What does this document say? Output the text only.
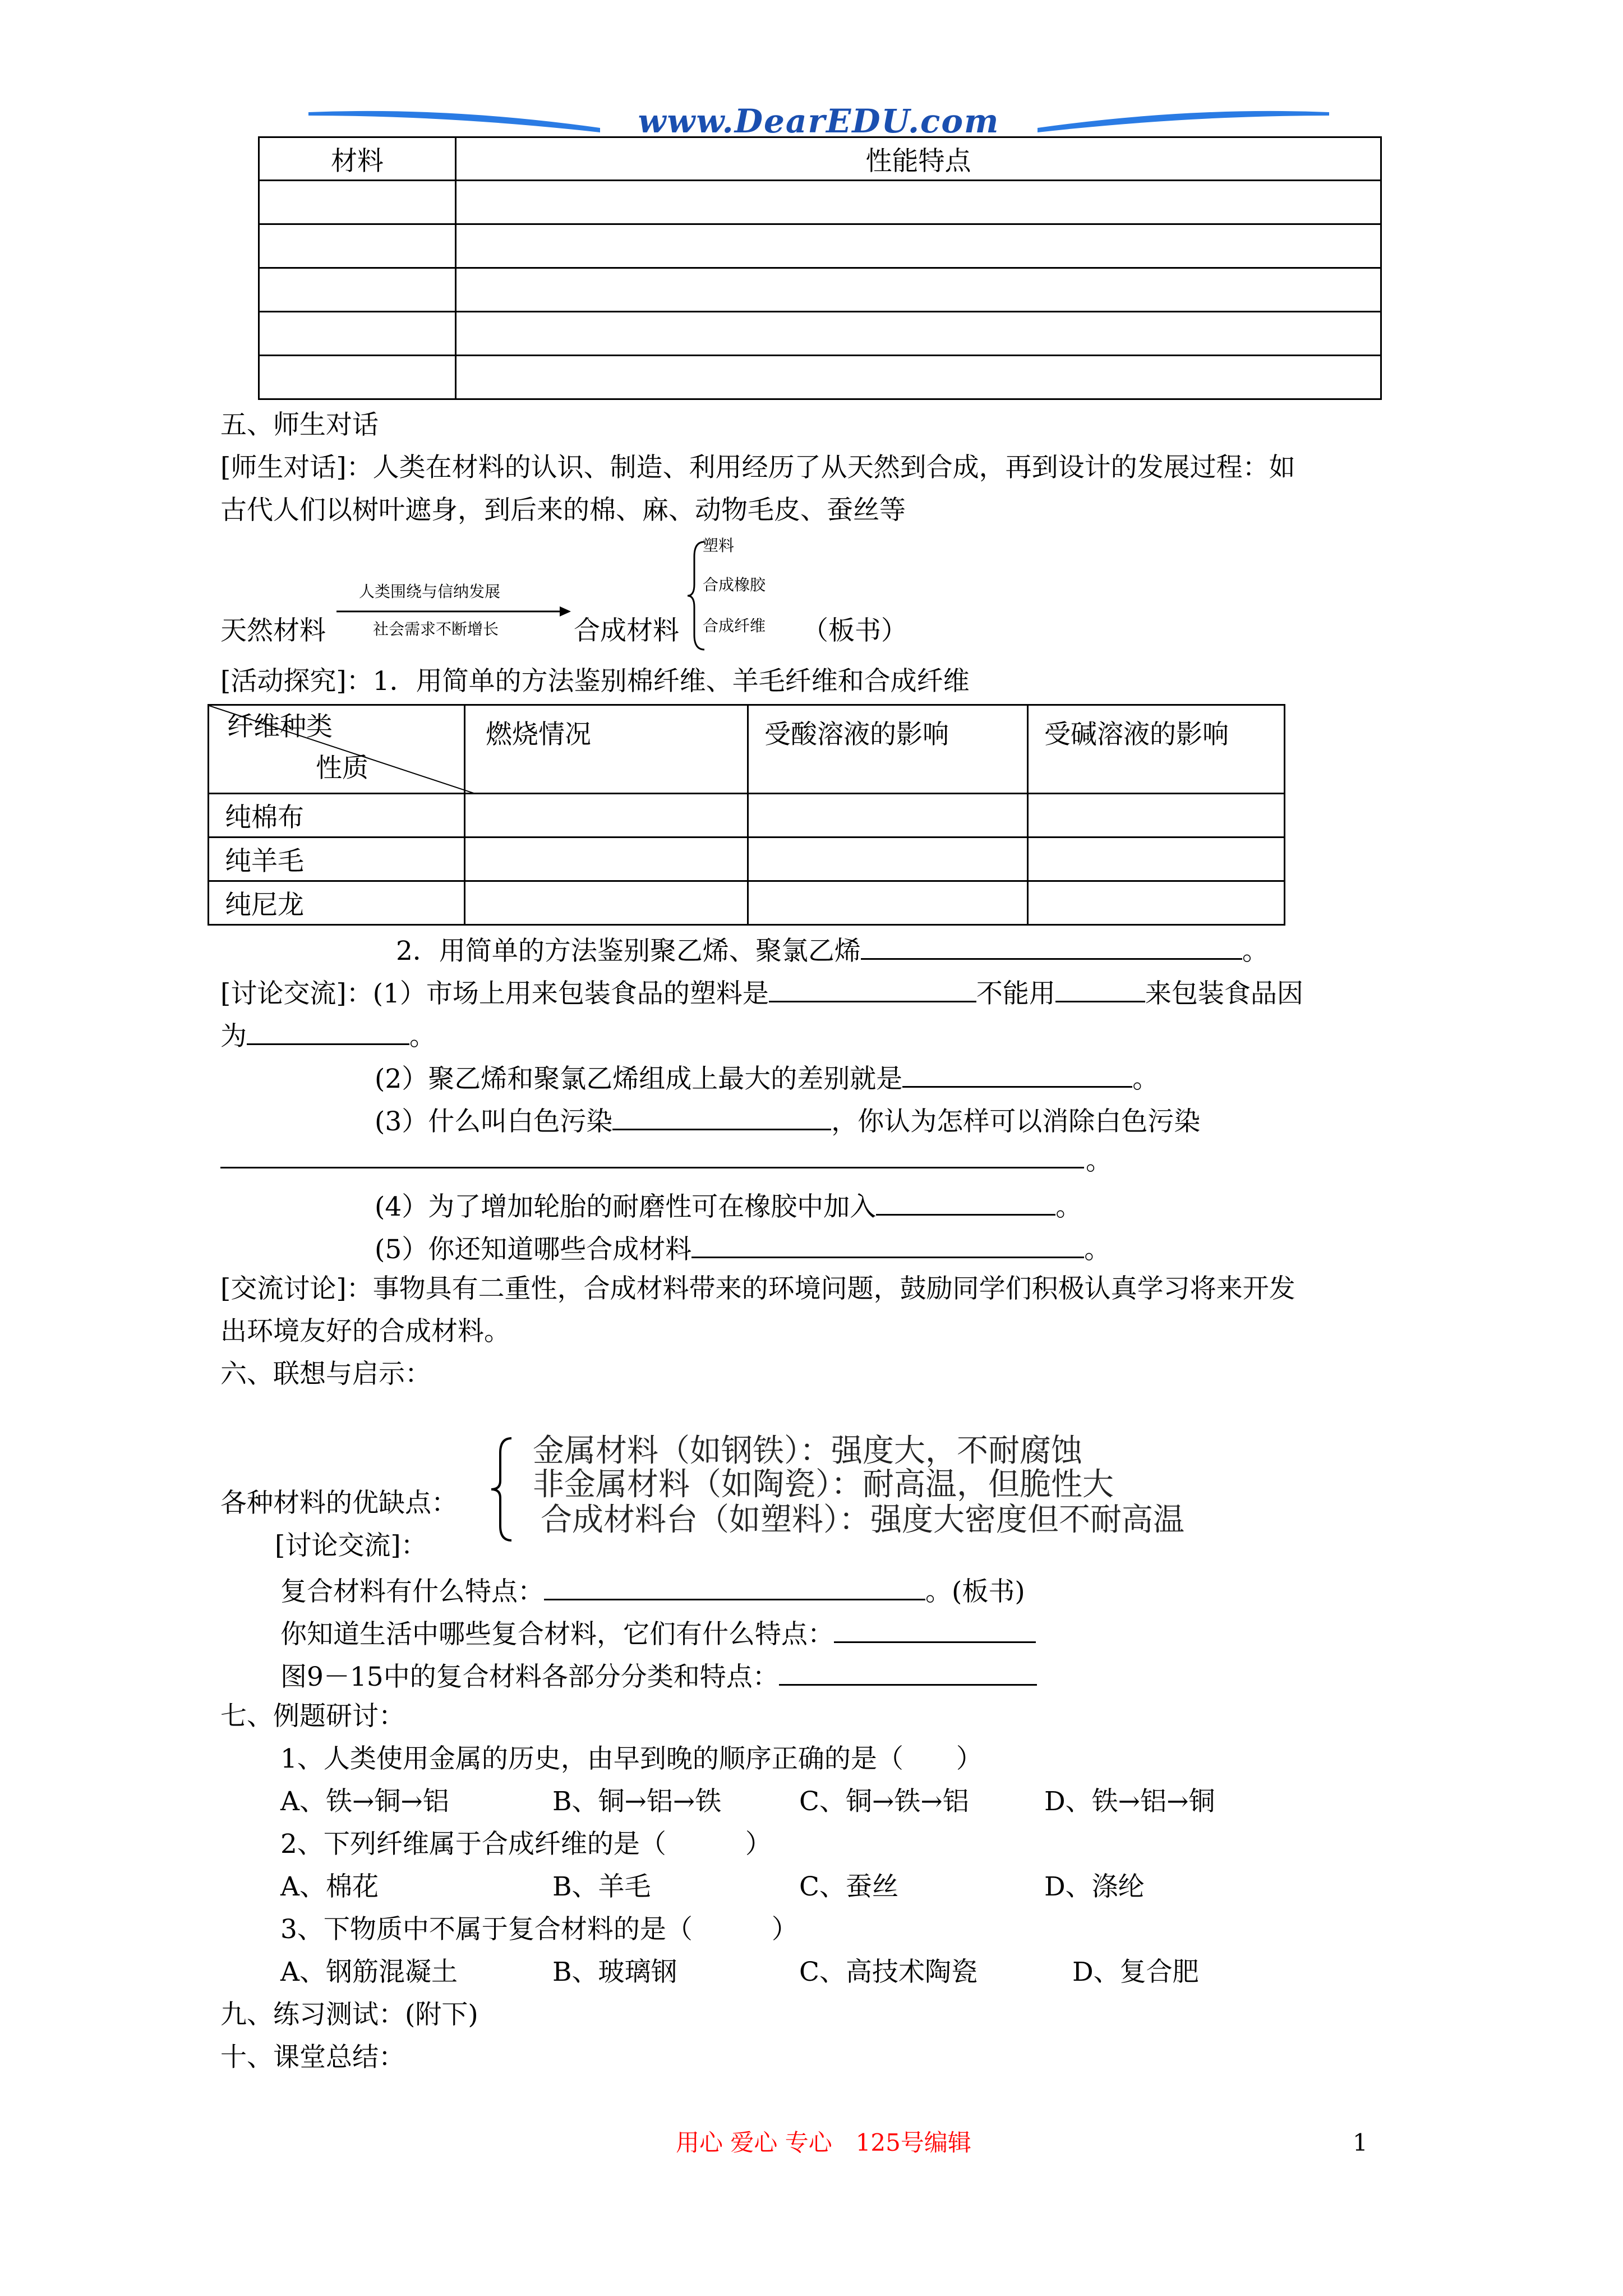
www.DearEDU.com
材料	性能特点

五、师生对话
[师生对话]：人类在材料的认识、制造、利用经历了从天然到合成，再到设计的发展过程：如
古代人们以树叶遮身，到后来的棉、麻、动物毛皮、蚕丝等
天然材料
人类围绕与信纳发展
社会需求不断增长	合成材料
塑料
合成橡胶
合成纤维 （板书）
[活动探究]：1．用简单的方法鉴别棉纤维、羊毛纤维和合成纤维
纤维种类
性质	燃烧情况	受酸溶液的影响	受碱溶液的影响
纯棉布			
纯羊毛			
纯尼龙			
2．用简单的方法鉴别聚乙烯、聚氯乙烯	。
[讨论交流]：(1）市场上用来包装食品的塑料是	不能用	来包装食品因
为	。
(2）聚乙烯和聚氯乙烯组成上最大的差别就是	。
(3）什么叫白色污染	，你认为怎样可以消除白色污染
。
(4）为了增加轮胎的耐磨性可在橡胶中加入	。
(5）你还知道哪些合成材料	。
[交流讨论]：事物具有二重性，合成材料带来的环境问题，鼓励同学们积极认真学习将来开发
出环境友好的合成材料。
六、联想与启示：
各种材料的优缺点：
金属材料（如钢铁）：强度大，不耐腐蚀
非金属材料（如陶瓷）：耐高温，但脆性大
合成材料台（如塑料）：强度大密度但不耐高温
[讨论交流]：
复合材料有什么特点：	。(板书)
你知道生活中哪些复合材料，它们有什么特点：
图9－15中的复合材料各部分分类和特点：
七、例题研讨：
1、人类使用金属的历史，由早到晚的顺序正确的是（　　）
A、铁→铜→铝	B、铜→铝→铁	C、铜→铁→铝	D、铁→铝→铜
2、下列纤维属于合成纤维的是（　　　）
A、棉花	B、羊毛	C、蚕丝	D、涤纶
3、下物质中不属于复合材料的是（　　　）
A、钢筋混凝土	B、玻璃钢	C、高技术陶瓷	D、复合肥
九、练习测试：(附下)
十、课堂总结：
用心 爱心 专心　125号编辑	1
